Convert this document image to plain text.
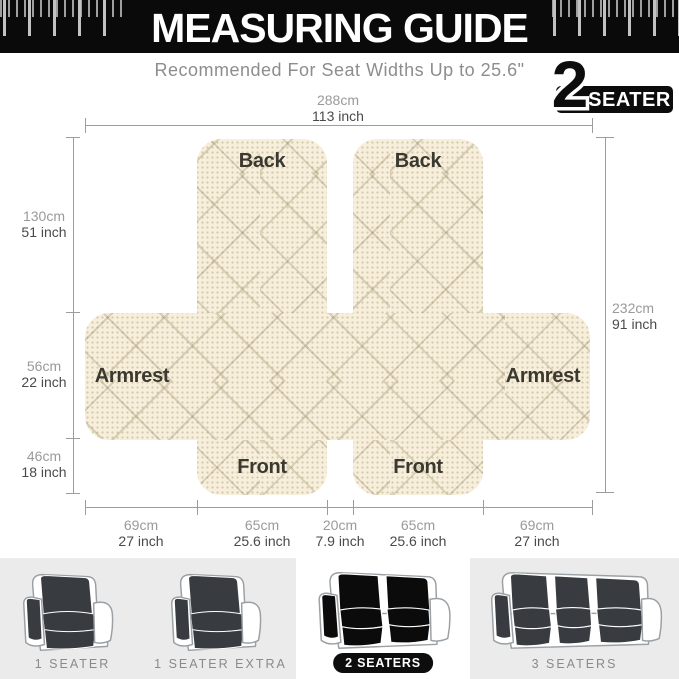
MEASURING GUIDE
Recommended For Seat Widths Up to 25.6"
SEATER
2
Back	Back
Armrest	Armrest
Front	Front
288cm
113 inch
130cm
51 inch
56cm
22 inch
46cm
18 inch
232cm
91 inch
69cm
27 inch
65cm
25.6 inch
20cm
7.9 inch
65cm
25.6 inch
69cm
27 inch
1 SEATER	1 SEATER EXTRA	2 SEATERS	3 SEATERS
